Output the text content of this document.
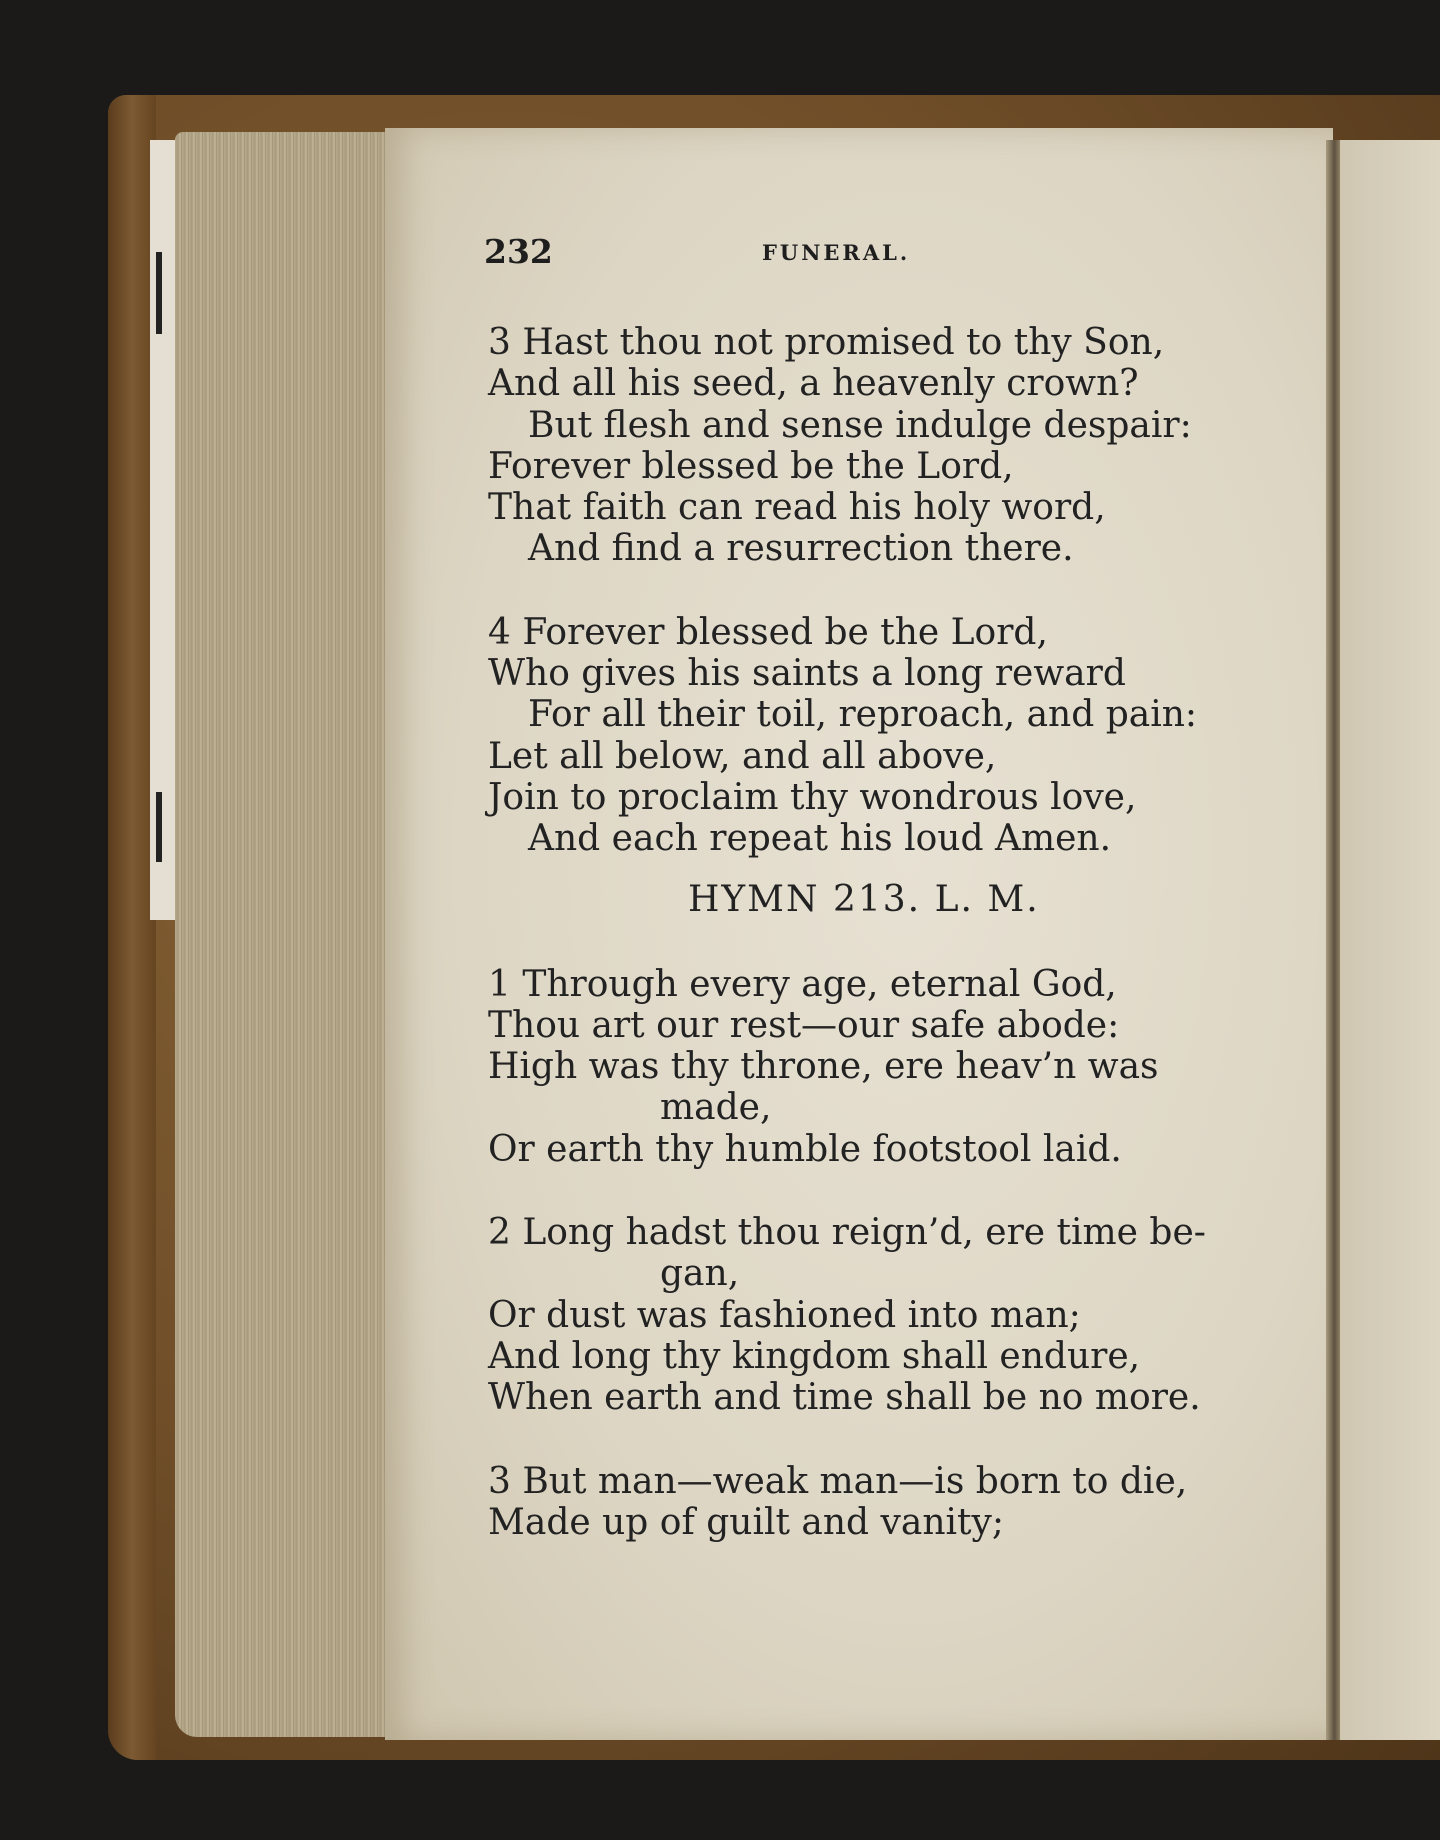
232	FUNERAL.
3 Hast thou not promised to thy Son,
And all his seed, a heavenly crown?
But flesh and sense indulge despair:
Forever blessed be the Lord,
That faith can read his holy word,
And find a resurrection there.
4 Forever blessed be the Lord,
Who gives his saints a long reward
For all their toil, reproach, and pain:
Let all below, and all above,
Join to proclaim thy wondrous love,
And each repeat his loud Amen.
HYMN 213. L. M.
1 Through every age, eternal God,
Thou art our rest—our safe abode:
High was thy throne, ere heav’n was
made,
Or earth thy humble footstool laid.
2 Long hadst thou reign’d, ere time be-
gan,
Or dust was fashioned into man;
And long thy kingdom shall endure,
When earth and time shall be no more.
3 But man—weak man—is born to die,
Made up of guilt and vanity;
